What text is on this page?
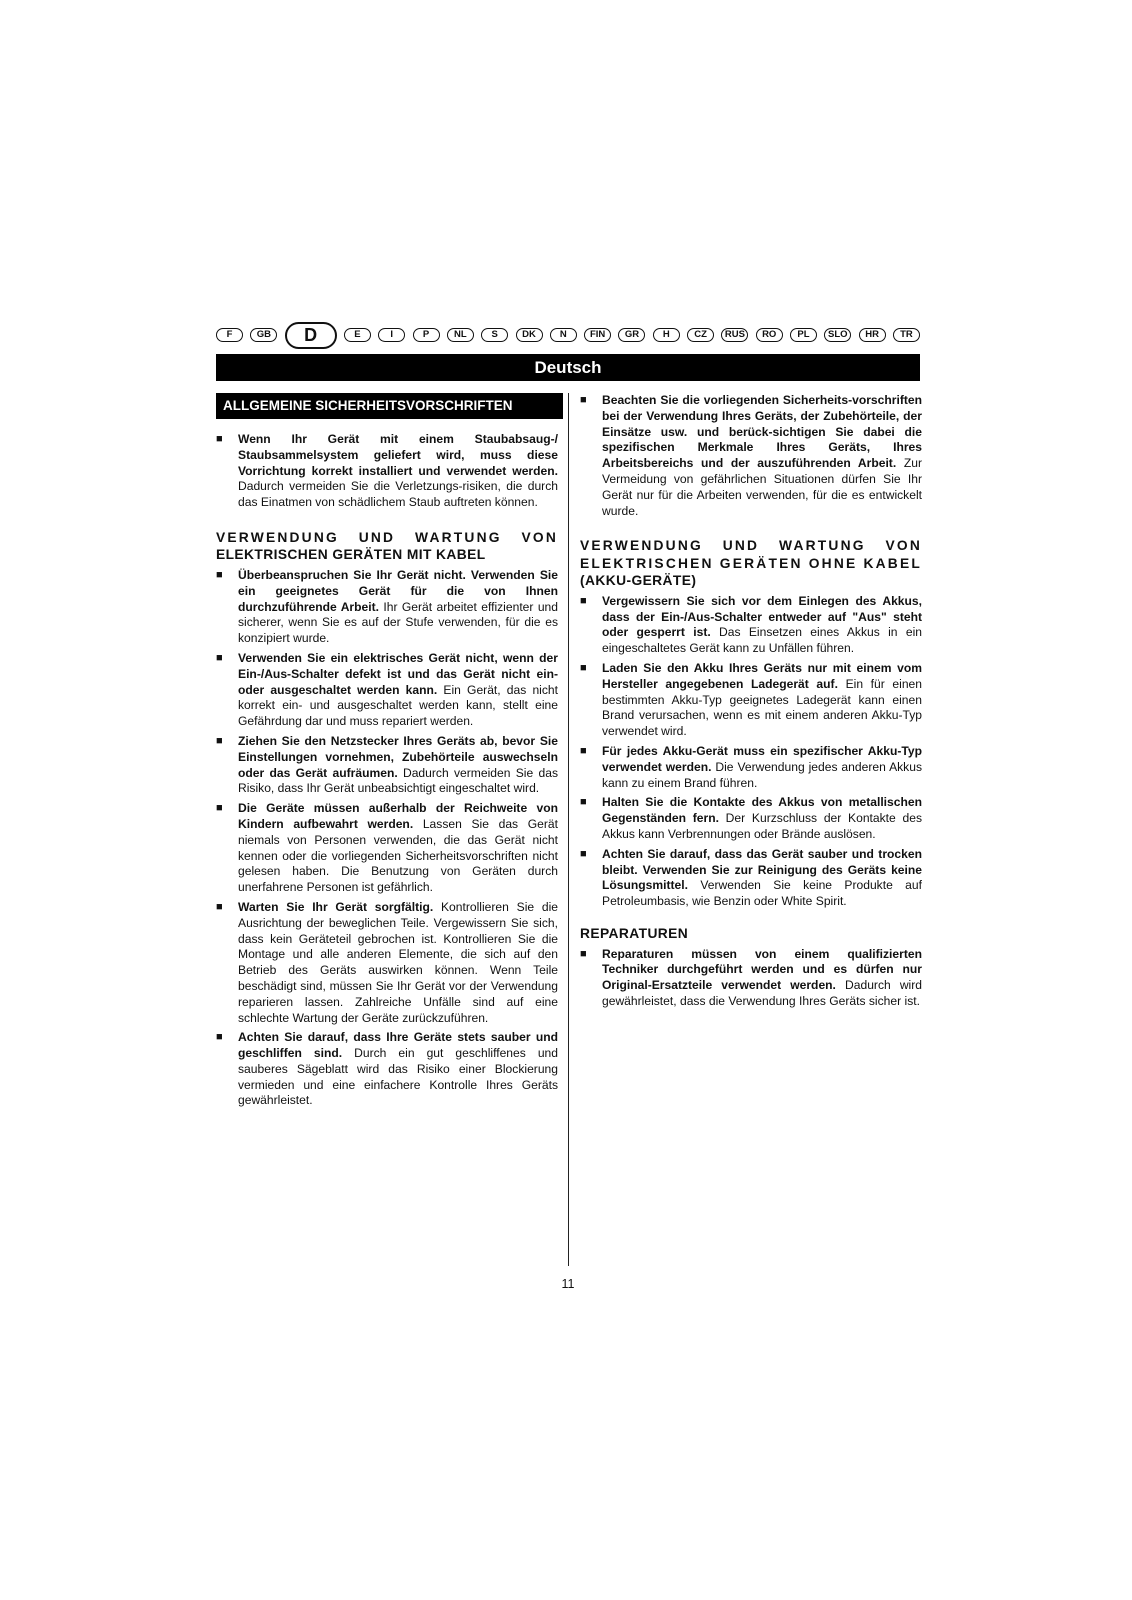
F	GB	D	E	I	P	NL	S	DK	N	FIN	GR	H	CZ	RUS	RO	PL	SLO	HR	TR
Deutsch
ALLGEMEINE SICHERHEITSVORSCHRIFTEN
■ Wenn Ihr Gerät mit einem Staubabsaug-/ Staubsammelsystem geliefert wird, muss diese Vorrichtung korrekt installiert und verwendet werden. Dadurch vermeiden Sie die Verletzungs-risiken, die durch das Einatmen von schädlichem Staub auftreten können.
VERWENDUNG UND WARTUNG VON
ELEKTRISCHEN GERÄTEN MIT KABEL
■ Überbeanspruchen Sie Ihr Gerät nicht. Verwenden Sie ein geeignetes Gerät für die von Ihnen durchzuführende Arbeit. Ihr Gerät arbeitet effizienter und sicherer, wenn Sie es auf der Stufe verwenden, für die es konzipiert wurde.
■ Verwenden Sie ein elektrisches Gerät nicht, wenn der Ein-/Aus-Schalter defekt ist und das Gerät nicht ein- oder ausgeschaltet werden kann. Ein Gerät, das nicht korrekt ein- und ausgeschaltet werden kann, stellt eine Gefährdung dar und muss repariert werden.
■ Ziehen Sie den Netzstecker Ihres Geräts ab, bevor Sie Einstellungen vornehmen, Zubehörteile auswechseln oder das Gerät aufräumen. Dadurch vermeiden Sie das Risiko, dass Ihr Gerät unbeabsichtigt eingeschaltet wird.
■ Die Geräte müssen außerhalb der Reichweite von Kindern aufbewahrt werden. Lassen Sie das Gerät niemals von Personen verwenden, die das Gerät nicht kennen oder die vorliegenden Sicherheitsvorschriften nicht gelesen haben. Die Benutzung von Geräten durch unerfahrene Personen ist gefährlich.
■ Warten Sie Ihr Gerät sorgfältig. Kontrollieren Sie die Ausrichtung der beweglichen Teile. Vergewissern Sie sich, dass kein Geräteteil gebrochen ist. Kontrollieren Sie die Montage und alle anderen Elemente, die sich auf den Betrieb des Geräts auswirken können. Wenn Teile beschädigt sind, müssen Sie Ihr Gerät vor der Verwendung reparieren lassen. Zahlreiche Unfälle sind auf eine schlechte Wartung der Geräte zurückzuführen.
■ Achten Sie darauf, dass Ihre Geräte stets sauber und geschliffen sind. Durch ein gut geschliffenes und sauberes Sägeblatt wird das Risiko einer Blockierung vermieden und eine einfachere Kontrolle Ihres Geräts gewährleistet.
■ Beachten Sie die vorliegenden Sicherheits-vorschriften bei der Verwendung Ihres Geräts, der Zubehörteile, der Einsätze usw. und berück-sichtigen Sie dabei die spezifischen Merkmale Ihres Geräts, Ihres Arbeitsbereichs und der auszuführenden Arbeit. Zur Vermeidung von gefährlichen Situationen dürfen Sie Ihr Gerät nur für die Arbeiten verwenden, für die es entwickelt wurde.
VERWENDUNG UND WARTUNG VON
ELEKTRISCHEN GERÄTEN OHNE KABEL
(AKKU-GERÄTE)
■ Vergewissern Sie sich vor dem Einlegen des Akkus, dass der Ein-/Aus-Schalter entweder auf "Aus" steht oder gesperrt ist. Das Einsetzen eines Akkus in ein eingeschaltetes Gerät kann zu Unfällen führen.
■ Laden Sie den Akku Ihres Geräts nur mit einem vom Hersteller angegebenen Ladegerät auf. Ein für einen bestimmten Akku-Typ geeignetes Ladegerät kann einen Brand verursachen, wenn es mit einem anderen Akku-Typ verwendet wird.
■ Für jedes Akku-Gerät muss ein spezifischer Akku-Typ verwendet werden. Die Verwendung jedes anderen Akkus kann zu einem Brand führen.
■ Halten Sie die Kontakte des Akkus von metallischen Gegenständen fern. Der Kurzschluss der Kontakte des Akkus kann Verbrennungen oder Brände auslösen.
■ Achten Sie darauf, dass das Gerät sauber und trocken bleibt. Verwenden Sie zur Reinigung des Geräts keine Lösungsmittel. Verwenden Sie keine Produkte auf Petroleumbasis, wie Benzin oder White Spirit.
REPARATUREN
■ Reparaturen müssen von einem qualifizierten Techniker durchgeführt werden und es dürfen nur Original-Ersatzteile verwendet werden. Dadurch wird gewährleistet, dass die Verwendung Ihres Geräts sicher ist.
11
